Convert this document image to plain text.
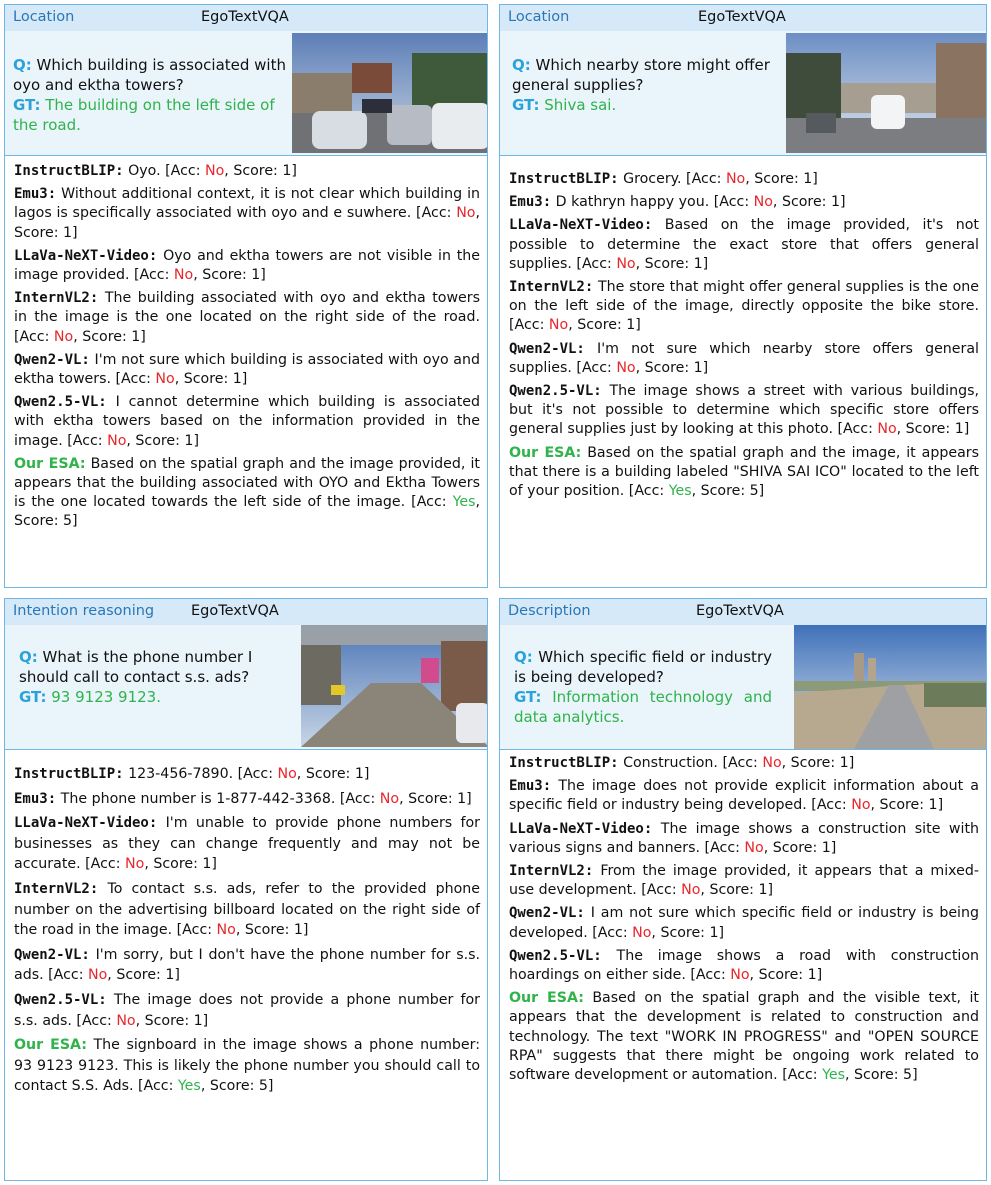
Location	EgoTextVQA
Q: Which building is associated with oyo and ektha towers?
GT: The building on the left side of the road.

InstructBLIP: Oyo. [Acc: No, Score: 1]

Emu3: Without additional context, it is not clear which building in lagos is specifically associated with oyo and e suwhere. [Acc: No, Score: 1]

LLaVa-NeXT-Video: Oyo and ektha towers are not visible in the image provided. [Acc: No, Score: 1]

InternVL2: The building associated with oyo and ektha towers in the image is the one located on the right side of the road. [Acc: No, Score: 1]

Qwen2-VL: I'm not sure which building is associated with oyo and ektha towers. [Acc: No, Score: 1]

Qwen2.5-VL: I cannot determine which building is associated with ektha towers based on the information provided in the image. [Acc: No, Score: 1]

Our ESA: Based on the spatial graph and the image provided, it appears that the building associated with OYO and Ektha Towers is the one located towards the left side of the image. [Acc: Yes, Score: 5]

Location	EgoTextVQA
Q: Which nearby store might offer general supplies?
GT: Shiva sai.

InstructBLIP: Grocery. [Acc: No, Score: 1]

Emu3: D kathryn happy you. [Acc: No, Score: 1]

LLaVa-NeXT-Video: Based on the image provided, it's not possible to determine the exact store that offers general supplies. [Acc: No, Score: 1]

InternVL2: The store that might offer general supplies is the one on the left side of the image, directly opposite the bike store. [Acc: No, Score: 1]

Qwen2-VL: I'm not sure which nearby store offers general supplies. [Acc: No, Score: 1]

Qwen2.5-VL: The image shows a street with various buildings, but it's not possible to determine which specific store offers general supplies just by looking at this photo. [Acc: No, Score: 1]

Our ESA: Based on the spatial graph and the image, it appears that there is a building labeled "SHIVA SAI ICO" located to the left of your position. [Acc: Yes, Score: 5]

Intention reasoning	EgoTextVQA
Q: What is the phone number I should call to contact s.s. ads?
GT: 93 9123 9123.

InstructBLIP: 123-456-7890. [Acc: No, Score: 1]

Emu3: The phone number is 1-877-442-3368. [Acc: No, Score: 1]

LLaVa-NeXT-Video: I'm unable to provide phone numbers for businesses as they can change frequently and may not be accurate. [Acc: No, Score: 1]

InternVL2: To contact s.s. ads, refer to the provided phone number on the advertising billboard located on the right side of the road in the image. [Acc: No, Score: 1]

Qwen2-VL: I'm sorry, but I don't have the phone number for s.s. ads. [Acc: No, Score: 1]

Qwen2.5-VL: The image does not provide a phone number for s.s. ads. [Acc: No, Score: 1]

Our ESA: The signboard in the image shows a phone number: 93 9123 9123. This is likely the phone number you should call to contact S.S. Ads. [Acc: Yes, Score: 5]

Description	EgoTextVQA
Q: Which specific field or industry is being developed?
GT: Information technology and data analytics.

InstructBLIP: Construction. [Acc: No, Score: 1]

Emu3: The image does not provide explicit information about a specific field or industry being developed. [Acc: No, Score: 1]

LLaVa-NeXT-Video: The image shows a construction site with various signs and banners. [Acc: No, Score: 1]

InternVL2: From the image provided, it appears that a mixed-use development. [Acc: No, Score: 1]

Qwen2-VL: I am not sure which specific field or industry is being developed. [Acc: No, Score: 1]

Qwen2.5-VL: The image shows a road with construction hoardings on either side. [Acc: No, Score: 1]

Our ESA: Based on the spatial graph and the visible text, it appears that the development is related to construction and technology. The text "WORK IN PROGRESS" and "OPEN SOURCE RPA" suggests that there might be ongoing work related to software development or automation. [Acc: Yes, Score: 5]
